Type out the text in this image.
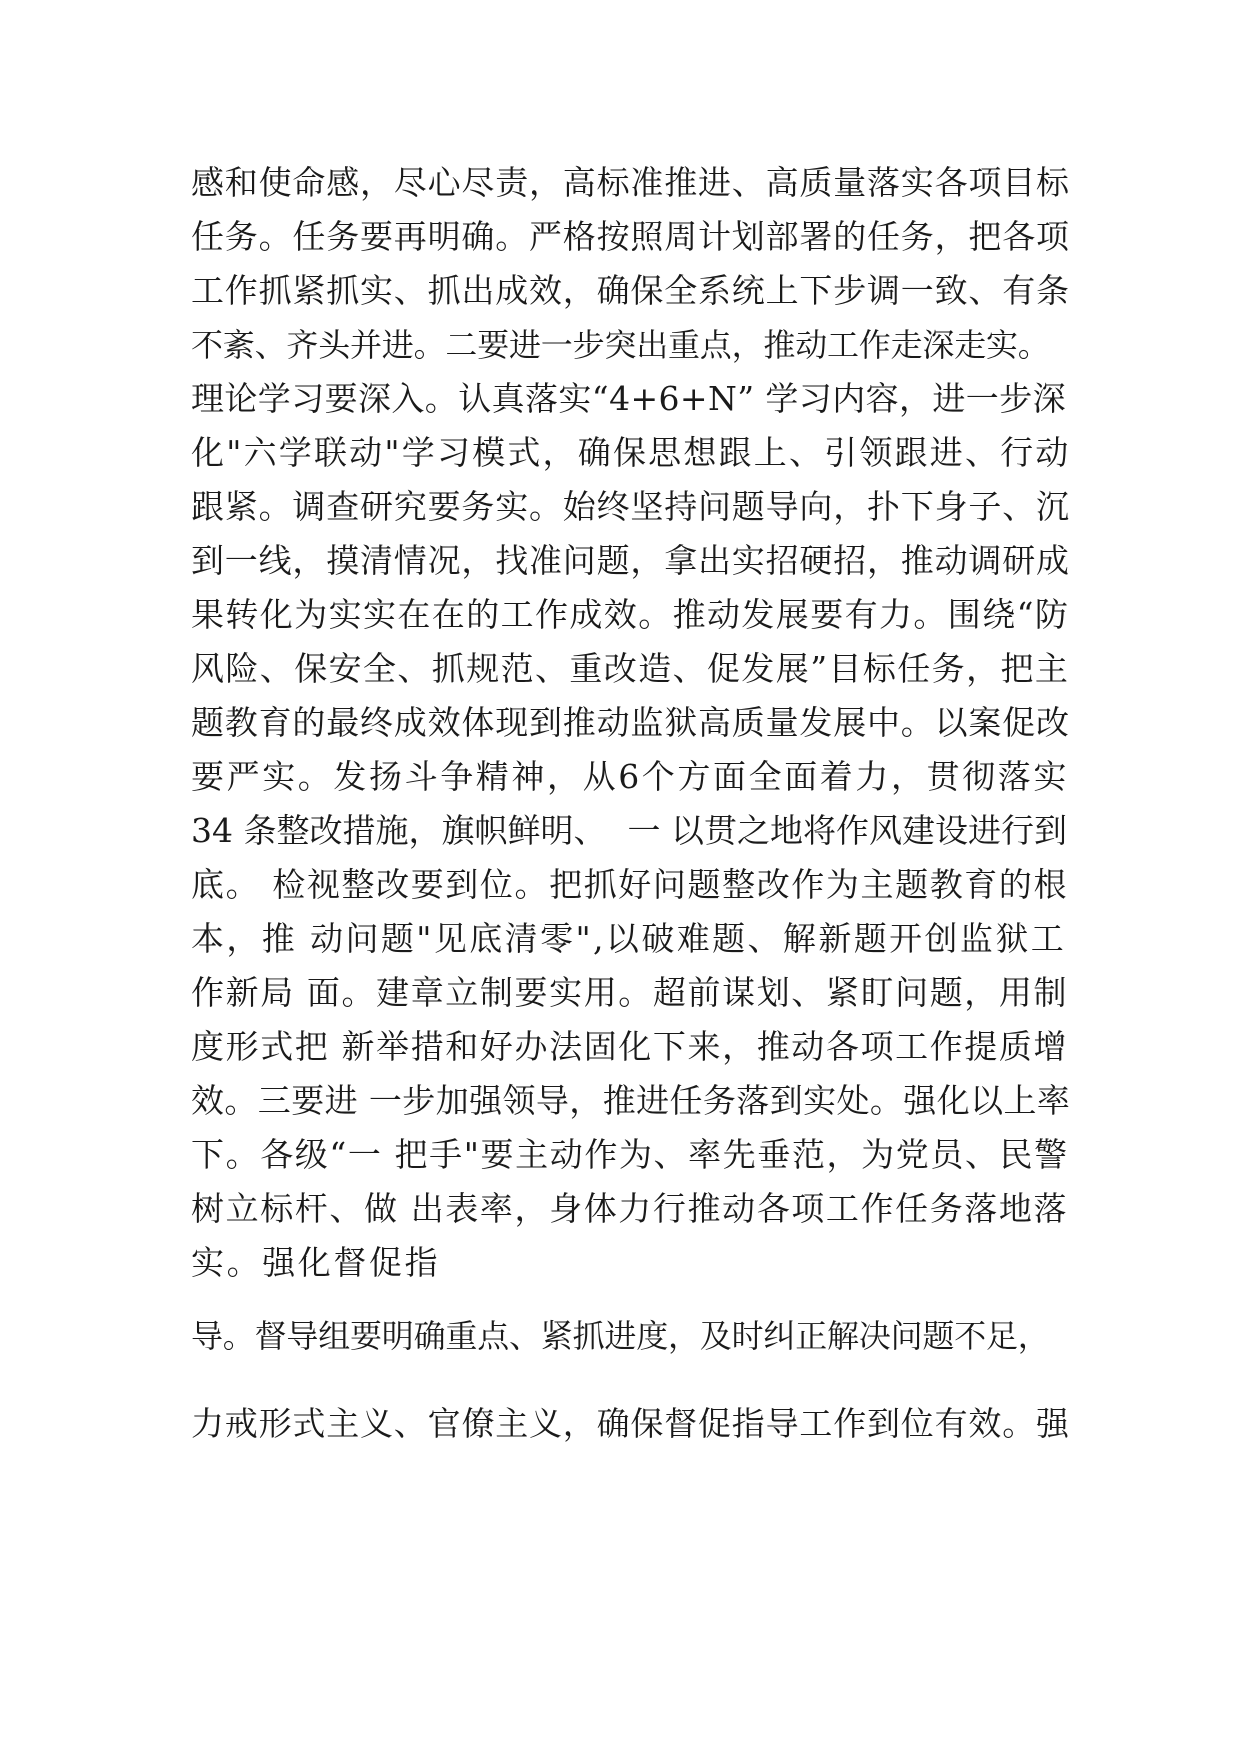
感和使命感，尽心尽责，高标准推进、高质量落实各项目标
任务。任务要再明确。严格按照周计划部署的任务，把各项
工作抓紧抓实、抓出成效，确保全系统上下步调一致、有条
不紊、齐头并进。二要进一步突出重点，推动工作走深走实。
理论学习要深入。认真落实“4+6+N” 学习内容，进一步深
化"六学联动"学习模式，确保思想跟上、引领跟进、行动
跟紧。调查研究要务实。始终坚持问题导向，扑下身子、沉
到一线，摸清情况，找准问题，拿出实招硬招，推动调研成
果转化为实实在在的工作成效。推动发展要有力。围绕“防
风险、保安全、抓规范、重改造、促发展”目标任务，把主
题教育的最终成效体现到推动监狱高质量发展中。以案促改
要严实。发扬斗争精神，从6个方面全面着力，贯彻落实
34 条整改措施，旗帜鲜明、  一 以贯之地将作风建设进行到
底。 检视整改要到位。把抓好问题整改作为主题教育的根
本，推 动问题"见底清零",以破难题、解新题开创监狱工
作新局 面。建章立制要实用。超前谋划、紧盯问题，用制
度形式把 新举措和好办法固化下来，推动各项工作提质增
效。三要进 一步加强领导，推进任务落到实处。强化以上率
下。各级“一 把手"要主动作为、率先垂范，为党员、民警
树立标杆、做 出表率，身体力行推动各项工作任务落地落
实。强化督促指
导。督导组要明确重点、紧抓进度，及时纠正解决问题不足，
力戒形式主义、官僚主义，确保督促指导工作到位有效。强
